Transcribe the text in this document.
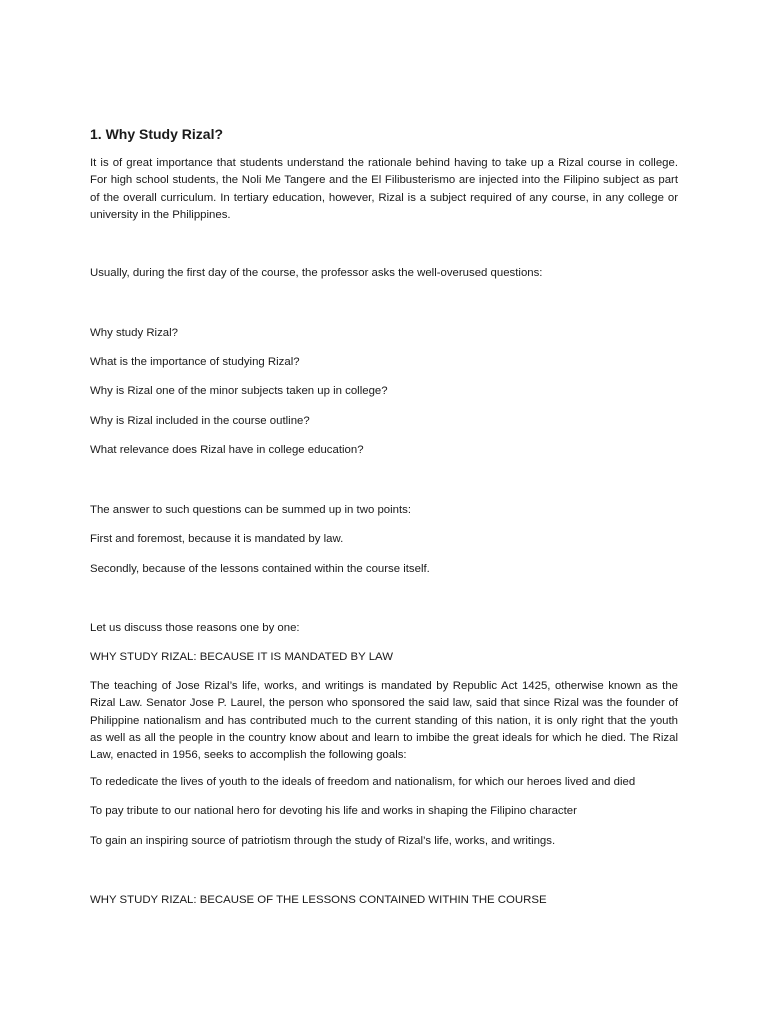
1. Why Study Rizal?

It is of great importance that students understand the rationale behind having to take up a Rizal course in college. For high school students, the Noli Me Tangere and the El Filibusterismo are injected into the Filipino subject as part of the overall curriculum. In tertiary education, however, Rizal is a subject required of any course, in any college or university in the Philippines.

Usually, during the first day of the course, the professor asks the well-overused questions:

Why study Rizal?

What is the importance of studying Rizal?

Why is Rizal one of the minor subjects taken up in college?

Why is Rizal included in the course outline?

What relevance does Rizal have in college education?

The answer to such questions can be summed up in two points:

First and foremost, because it is mandated by law.

Secondly, because of the lessons contained within the course itself.

Let us discuss those reasons one by one:

WHY STUDY RIZAL: BECAUSE IT IS MANDATED BY LAW

The teaching of Jose Rizal’s life, works, and writings is mandated by Republic Act 1425, otherwise known as the Rizal Law. Senator Jose P. Laurel, the person who sponsored the said law, said that since Rizal was the founder of Philippine nationalism and has contributed much to the current standing of this nation, it is only right that the youth as well as all the people in the country know about and learn to imbibe the great ideals for which he died. The Rizal Law, enacted in 1956, seeks to accomplish the following goals:

To rededicate the lives of youth to the ideals of freedom and nationalism, for which our heroes lived and died

To pay tribute to our national hero for devoting his life and works in shaping the Filipino character

To gain an inspiring source of patriotism through the study of Rizal’s life, works, and writings.

WHY STUDY RIZAL: BECAUSE OF THE LESSONS CONTAINED WITHIN THE COURSE
